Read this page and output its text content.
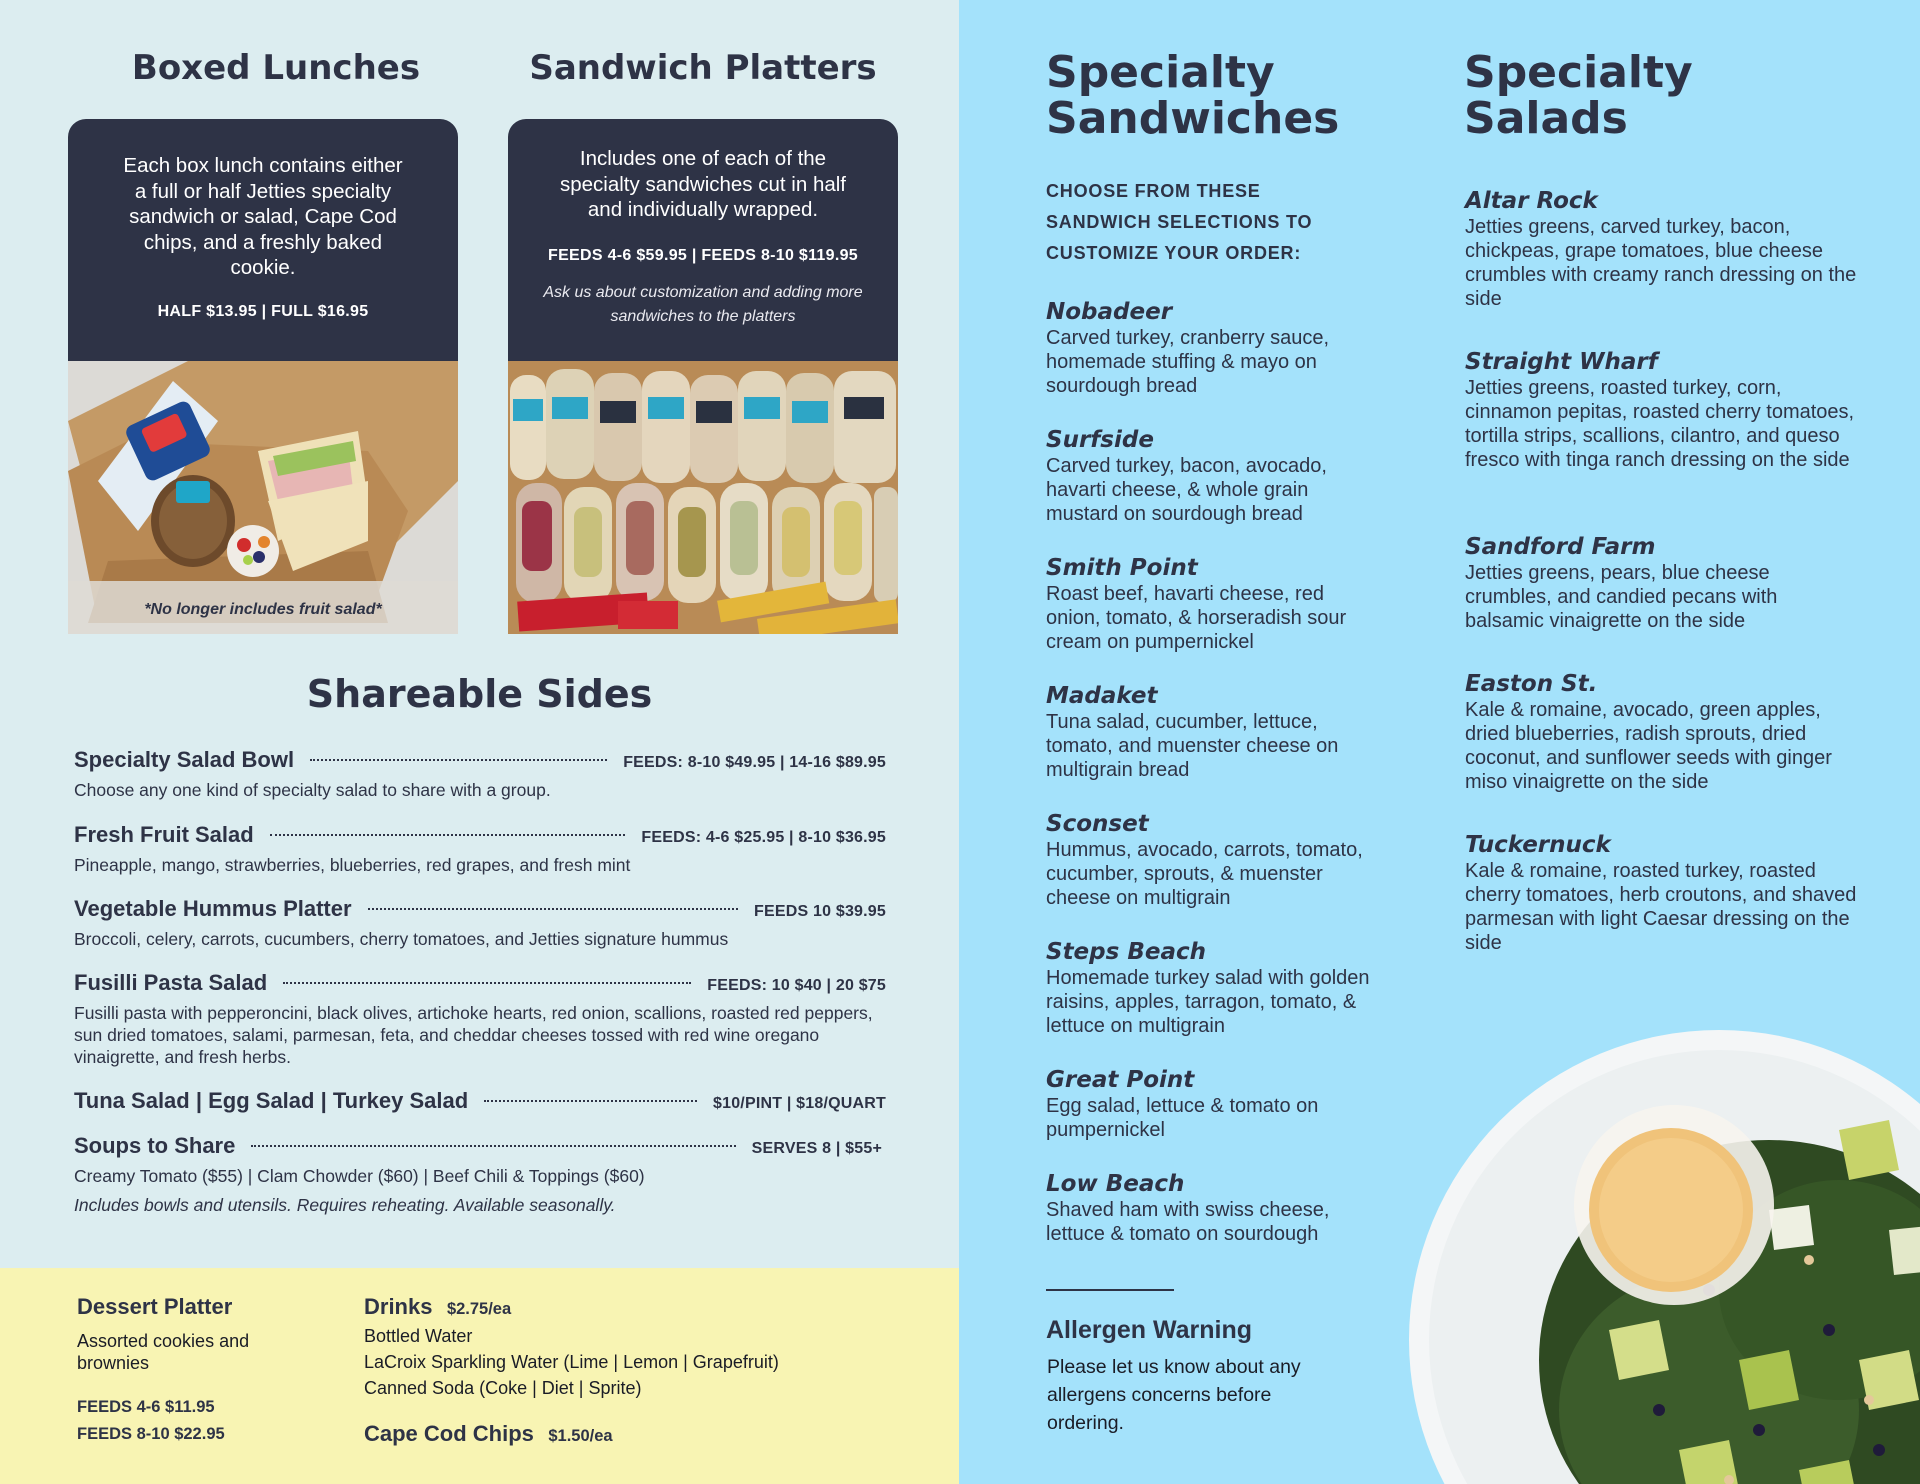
Boxed Lunches	Sandwich Platters
Each box lunch contains either a full or half Jetties specialty sandwich or salad, Cape Cod chips, and a freshly baked cookie.
HALF $13.95 | FULL $16.95
*No longer includes fruit salad*
Includes one of each of the specialty sandwiches cut in half and individually wrapped.
FEEDS 4-6 $59.95 | FEEDS 8-10 $119.95
Ask us about customization and adding more sandwiches to the platters
Shareable Sides
Specialty Salad Bowl	FEEDS: 8-10 $49.95 | 14-16 $89.95
Choose any one kind of specialty salad to share with a group.
Fresh Fruit Salad	FEEDS: 4-6 $25.95 | 8-10 $36.95
Pineapple, mango, strawberries, blueberries, red grapes, and fresh mint
Vegetable Hummus Platter	FEEDS 10 $39.95
Broccoli, celery, carrots, cucumbers, cherry tomatoes, and Jetties signature hummus
Fusilli Pasta Salad	FEEDS: 10 $40 | 20 $75
Fusilli pasta with pepperoncini, black olives, artichoke hearts, red onion, scallions, roasted red peppers, sun dried tomatoes, salami, parmesan, feta, and cheddar cheeses tossed with red wine oregano vinaigrette, and fresh herbs.
Tuna Salad | Egg Salad | Turkey Salad	$10/PINT | $18/QUART
Soups to Share	SERVES 8 | $55+
Creamy Tomato ($55) | Clam Chowder ($60) | Beef Chili & Toppings ($60)
Includes bowls and utensils. Requires reheating. Available seasonally.
Dessert Platter
Assorted cookies and brownies
FEEDS 4-6 $11.95
FEEDS 8-10 $22.95
Drinks $2.75/ea
Bottled Water
LaCroix Sparkling Water (Lime | Lemon | Grapefruit)
Canned Soda (Coke | Diet | Sprite)
Cape Cod Chips $1.50/ea
Specialty
Sandwiches
Specialty
Salads
CHOOSE FROM THESE
SANDWICH SELECTIONS TO
CUSTOMIZE YOUR ORDER:
Nobadeer
Carved turkey, cranberry sauce, homemade stuffing & mayo on sourdough bread
Surfside
Carved turkey, bacon, avocado, havarti cheese, & whole grain mustard on sourdough bread
Smith Point
Roast beef, havarti cheese, red onion, tomato, & horseradish sour cream on pumpernickel
Madaket
Tuna salad, cucumber, lettuce, tomato, and muenster cheese on multigrain bread
Sconset
Hummus, avocado, carrots, tomato, cucumber, sprouts, & muenster cheese on multigrain
Steps Beach
Homemade turkey salad with golden raisins, apples, tarragon, tomato, & lettuce on multigrain
Great Point
Egg salad, lettuce & tomato on pumpernickel
Low Beach
Shaved ham with swiss cheese, lettuce & tomato on sourdough
Altar Rock
Jetties greens, carved turkey, bacon, chickpeas, grape tomatoes, blue cheese crumbles with creamy ranch dressing on the side
Straight Wharf
Jetties greens, roasted turkey, corn, cinnamon pepitas, roasted cherry tomatoes, tortilla strips, scallions, cilantro, and queso fresco with tinga ranch dressing on the side
Sandford Farm
Jetties greens, pears, blue cheese crumbles, and candied pecans with balsamic vinaigrette on the side
Easton St.
Kale & romaine, avocado, green apples, dried blueberries, radish sprouts, dried coconut, and sunflower seeds with ginger miso vinaigrette on the side
Tuckernuck
Kale & romaine, roasted turkey, roasted cherry tomatoes, herb croutons, and shaved parmesan with light Caesar dressing on the side
Allergen Warning
Please let us know about any allergens concerns before ordering.
